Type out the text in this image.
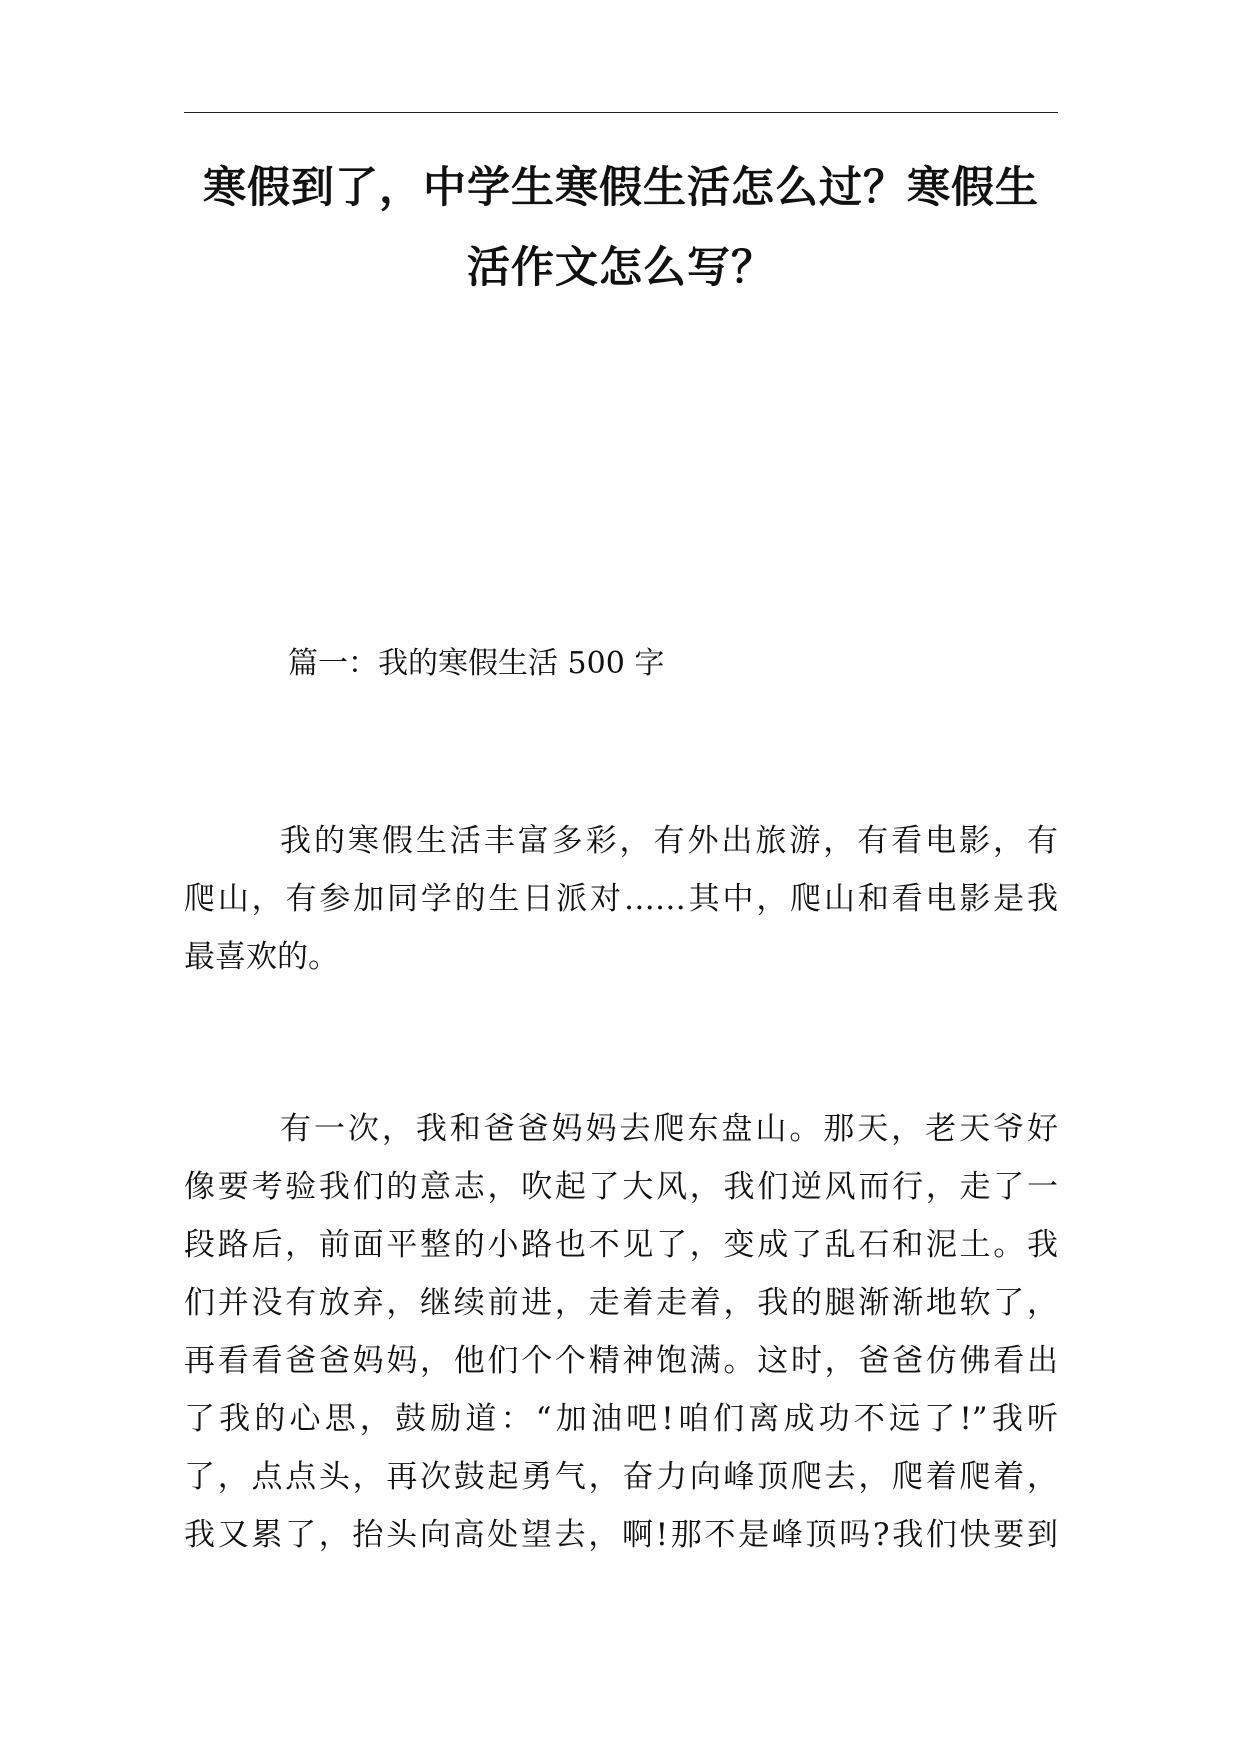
寒假到了，中学生寒假生活怎么过？寒假生
活作文怎么写？
篇一：我的寒假生活 500 字
我的寒假生活丰富多彩，有外出旅游，有看电影，有
爬山，有参加同学的生日派对……其中，爬山和看电影是我
最喜欢的。
有一次，我和爸爸妈妈去爬东盘山。那天，老天爷好
像要考验我们的意志，吹起了大风，我们逆风而行，走了一
段路后，前面平整的小路也不见了，变成了乱石和泥土。我
们并没有放弃，继续前进，走着走着，我的腿渐渐地软了，
再看看爸爸妈妈，他们个个精神饱满。这时，爸爸仿佛看出
了我的心思，鼓励道：“加油吧!咱们离成功不远了!”我听
了，点点头，再次鼓起勇气，奋力向峰顶爬去，爬着爬着，
我又累了，抬头向高处望去，啊!那不是峰顶吗?我们快要到
